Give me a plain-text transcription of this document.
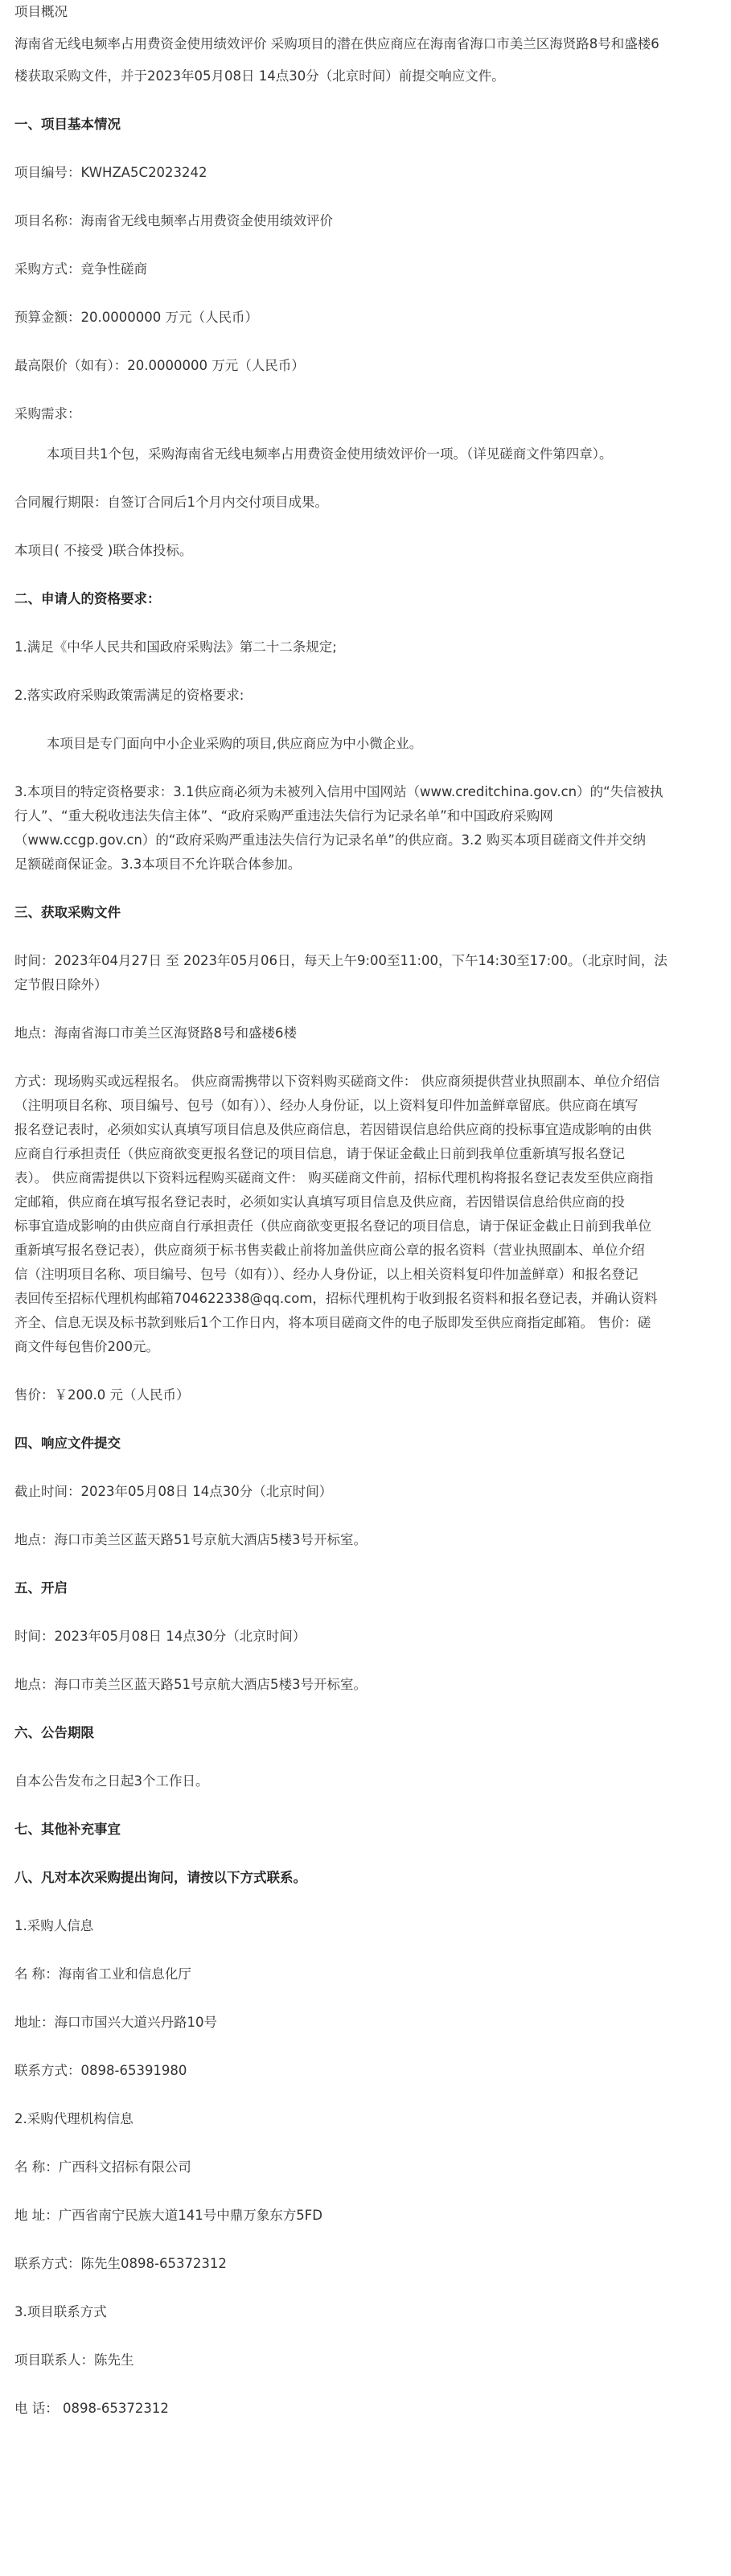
项目概况
海南省无线电频率占用费资金使用绩效评价 采购项目的潜在供应商应在海南省海口市美兰区海贤路8号和盛楼6
楼获取采购文件，并于2023年05月08日 14点30分（北京时间）前提交响应文件。
一、项目基本情况
项目编号：KWHZA5C2023242
项目名称：海南省无线电频率占用费资金使用绩效评价
采购方式：竞争性磋商
预算金额：20.0000000 万元（人民币）
最高限价（如有）：20.0000000 万元（人民币）
采购需求：
本项目共1个包，采购海南省无线电频率占用费资金使用绩效评价一项。（详见磋商文件第四章）。
合同履行期限：自签订合同后1个月内交付项目成果。
本项目( 不接受 )联合体投标。
二、申请人的资格要求：
1.满足《中华人民共和国政府采购法》第二十二条规定;
2.落实政府采购政策需满足的资格要求:
本项目是专门面向中小企业采购的项目,供应商应为中小微企业。
3.本项目的特定资格要求：3.1供应商必须为未被列入信用中国网站（www.creditchina.gov.cn）的“失信被执
行人”、“重大税收违法失信主体”、“政府采购严重违法失信行为记录名单”和中国政府采购网
（www.ccgp.gov.cn）的“政府采购严重违法失信行为记录名单”的供应商。3.2 购买本项目磋商文件并交纳
足额磋商保证金。3.3本项目不允许联合体参加。
三、获取采购文件
时间：2023年04月27日 至 2023年05月06日，每天上午9:00至11:00，下午14:30至17:00。（北京时间，法
定节假日除外）
地点：海南省海口市美兰区海贤路8号和盛楼6楼
方式：现场购买或远程报名。 供应商需携带以下资料购买磋商文件： 供应商须提供营业执照副本、单位介绍信
（注明项目名称、项目编号、包号（如有））、经办人身份证，以上资料复印件加盖鲜章留底。供应商在填写
报名登记表时，必须如实认真填写项目信息及供应商信息，若因错误信息给供应商的投标事宜造成影响的由供
应商自行承担责任（供应商欲变更报名登记的项目信息，请于保证金截止日前到我单位重新填写报名登记
表）。 供应商需提供以下资料远程购买磋商文件： 购买磋商文件前，招标代理机构将报名登记表发至供应商指
定邮箱，供应商在填写报名登记表时，必须如实认真填写项目信息及供应商，若因错误信息给供应商的投
标事宜造成影响的由供应商自行承担责任（供应商欲变更报名登记的项目信息，请于保证金截止日前到我单位
重新填写报名登记表），供应商须于标书售卖截止前将加盖供应商公章的报名资料（营业执照副本、单位介绍
信（注明项目名称、项目编号、包号（如有））、经办人身份证，以上相关资料复印件加盖鲜章）和报名登记
表回传至招标代理机构邮箱704622338@qq.com，招标代理机构于收到报名资料和报名登记表，并确认资料
齐全、信息无误及标书款到账后1个工作日内，将本项目磋商文件的电子版即发至供应商指定邮箱。 售价：磋
商文件每包售价200元。
售价：￥200.0 元（人民币）
四、响应文件提交
截止时间：2023年05月08日 14点30分（北京时间）
地点：海口市美兰区蓝天路51号京航大酒店5楼3号开标室。
五、开启
时间：2023年05月08日 14点30分（北京时间）
地点：海口市美兰区蓝天路51号京航大酒店5楼3号开标室。
六、公告期限
自本公告发布之日起3个工作日。
七、其他补充事宜
八、凡对本次采购提出询问，请按以下方式联系。
1.采购人信息
名 称：海南省工业和信息化厅
地址：海口市国兴大道兴丹路10号
联系方式：0898-65391980
2.采购代理机构信息
名 称：广西科文招标有限公司
地 址：广西省南宁民族大道141号中鼎万象东方5FD
联系方式：陈先生0898-65372312
3.项目联系方式
项目联系人：陈先生
电 话： 0898-65372312
